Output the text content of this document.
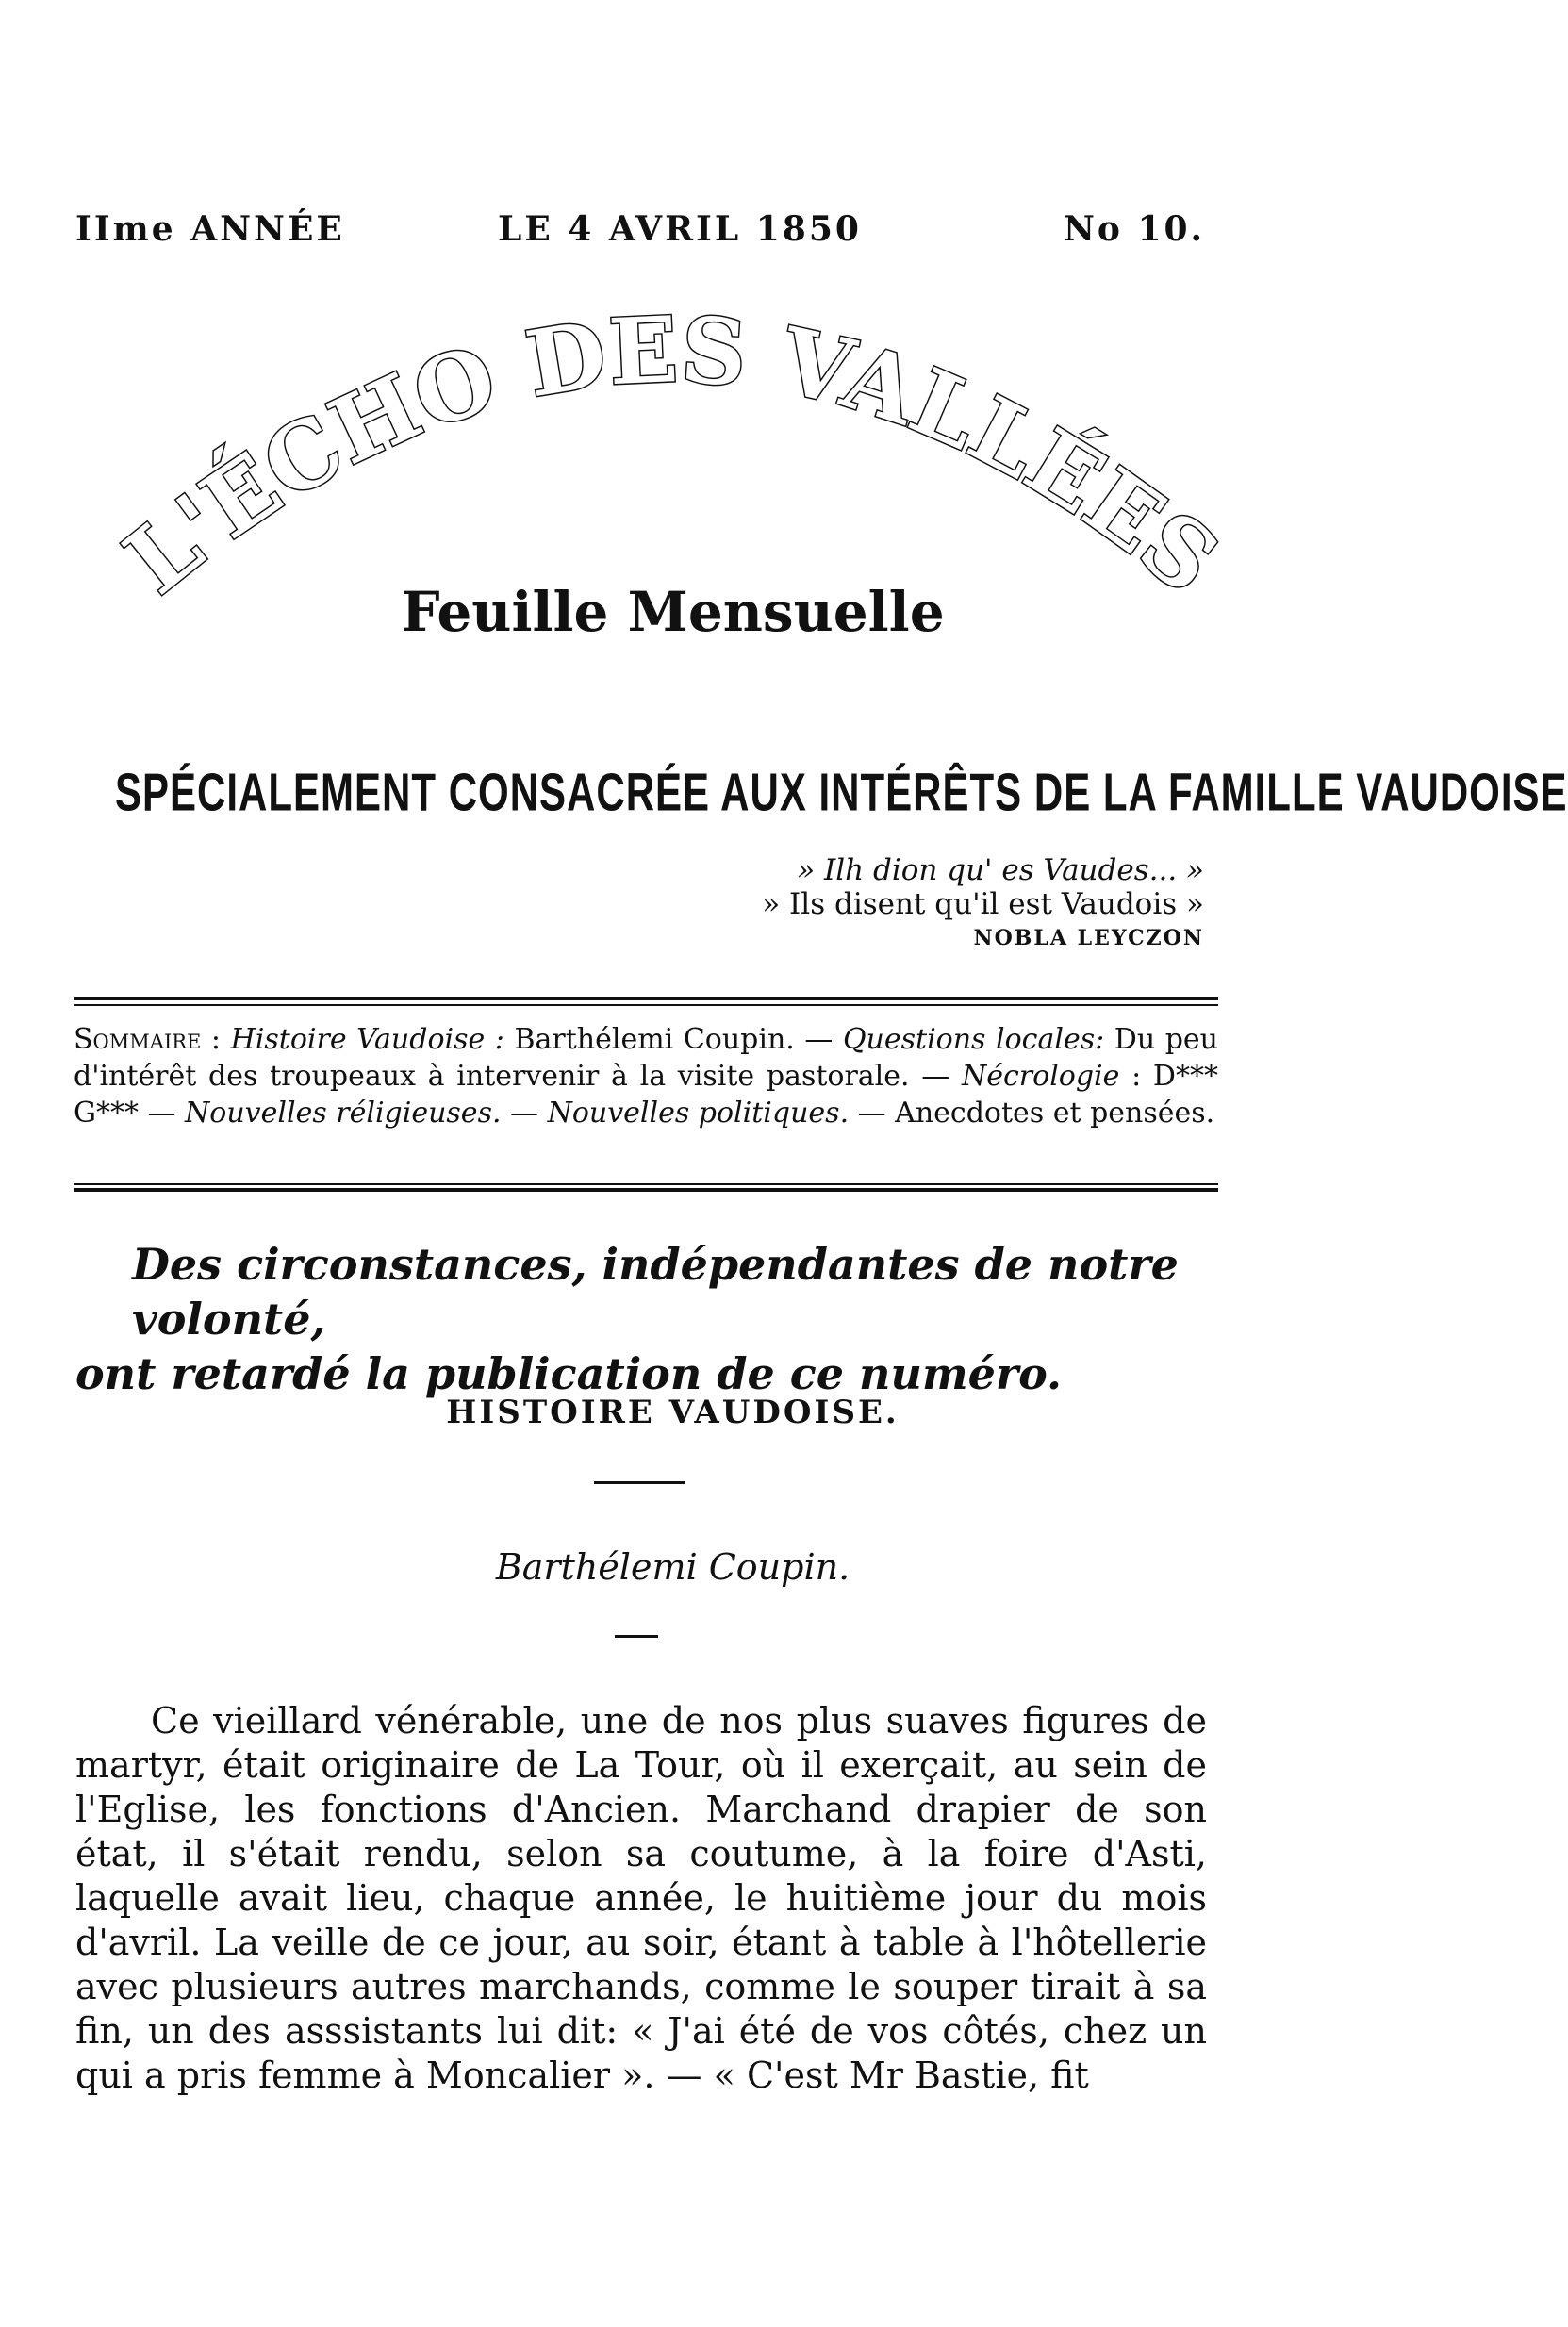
IIme ANNÉE	LE 4 AVRIL 1850	No 10.
L'ÉCHO DES VALLÉES
Feuille Mensuelle
SPÉCIALEMENT CONSACRÉE AUX INTÉRÊTS DE LA FAMILLE VAUDOISE
» Ilh dion qu' es Vaudes... »
» Ils disent qu'il est Vaudois »
NOBLA LEYCZON
Sommaire : Histoire Vaudoise : Barthélemi Coupin. — Questions locales: Du peu d'intérêt des troupeaux à intervenir à la visite pastorale. — Nécrologie : D*** G*** — Nouvelles réligieuses. — Nouvelles politiques. — Anecdotes et pensées.
Des circonstances, indépendantes de notre volonté,
ont retardé la publication de ce numéro.
HISTOIRE VAUDOISE.
Barthélemi Coupin.

Ce vieillard vénérable, une de nos plus suaves figures de martyr, était originaire de La Tour, où il exerçait, au sein de l'Eglise, les fonctions d'Ancien. Marchand drapier de son état, il s'était rendu, selon sa coutume, à la foire d'Asti, laquelle avait lieu, chaque année, le huitième jour du mois d'avril. La veille de ce jour, au soir, étant à table à l'hôtellerie avec plusieurs autres marchands, comme le souper tirait à sa fin, un des asssistants lui dit: « J'ai été de vos côtés, chez un qui a pris femme à Moncalier ». — « C'est Mr Bastie, fit
